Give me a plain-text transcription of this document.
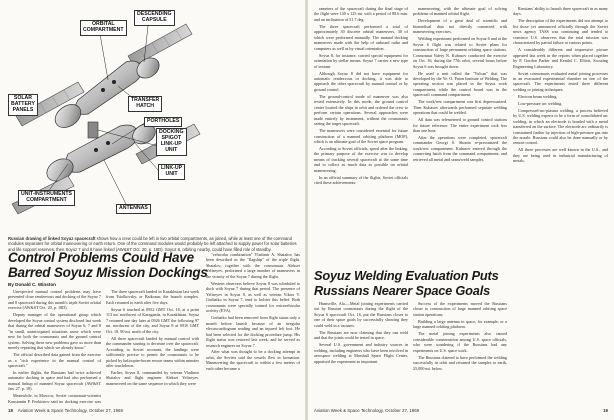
ORBITAL
COMPARTMENT
DESCENDING
CAPSULE
SOLAR
BATTERY
PANELS
TRANSFER
HATCH
PORTHOLES
DOCKING
SPIGOT
LINK-UP
UNIT
LINK-UP
UNIT
UNIT-INSTRUMENTS
COMPARTMENT
ANTENNAS
Russian drawing of linked Soyuz spacecraft shows how a crew could be left in two orbital compartments, as joined, while at least one of the command modules separates for orbital maneuvering or earth return. One of the command modules would probably be left attached to supply power for solar batteries and life support reserves, then Soyuz 7 and 8 have linked (AW&ST Oct. 20, p. 18D). Soyuz 8, orbiting nearby, could have filled role of standby.
Control Problems Could Have
Barred Soyuz Mission Dockings
By Donald C. Winston

Unexpected manual control problems may have prevented close rendezvous and docking of the Soyuz 7 and 8 spacecraft during this month's triple Soviet orbital exercise (AW&ST Oct. 20, p. 18D).

Deputy manager of the operational group which developed the Soyuz control system disclosed last week that during the orbital maneuvers of Soyuz 6, 7 and 8 "in small, unanticipated situations arose which were new for both the cosmonauts and the ground control system. Solving these new problems gave us more than merely repeating that which we already know."

The official described data gained from the exercise as a "rich experience in the manual control of spacecraft."

In earlier flights, the Russians had twice achieved automatic docking in space and had also performed a manual linkup of manned Soyuz spacecraft (AW&ST Jan. 27, p. 18).

Meanwhile, in Moscow, Soviet cosmonaut-scientist Konstantin P. Feoktistov said no docking exercise was

The three spacecraft landed in Kazakhstan last week from Tsiolkovsky, or Baikonur, the launch complex. Each returned to earth after five days.

Soyuz 6 touched at 0952 GMT Oct. 16, at a point 113 mi. northwest of Karaganda, in Kazakhstan. Soyuz 7 returned one day later at 0926 GMT the following 97 mi. northwest of the city, and Soyuz 8 at 0910 GMT Oct. 18, 90 mi. north of the city.

All three spacecraft landed by manual control with the commander starting to decrease over the spacecraft. According to Soviet accounts, the landings were sufficiently precise to permit the cosmonauts to be picked by helicopter-borne rescue teams within minutes after touchdown.

Earlier, Soyuz 8, commanded by veteran Vladimir Shatalov and flight engineer Aleksei Yeliseyev, maneuvered on the same sequence in which they were

"vehicular combination" Vladimir A. Shatalov, has been described as the "flagship" of the triple flight. Shatalov, together with the cosmonauts Aleksei Yeliseyev, performed a large number of maneuvers in the vicinity of the Soyuz 7 during the flight.

Western observers believe Soyuz 8 was scheduled to dock with Soyuz 7 during that period. The presence of Yeliseyev in Soyuz 8, as well as veteran Viktor V. Gorbatko in Soyuz 7, tend to bolster this belief. Both cosmonauts were specially trained for extravehicular activity (EVA).

Gorbatko had been removed from flight status only a month before launch because of an irregular electrocardiogram reading and an injured left foot. He had been selected for the docking procedure jump. His flight status was restored last week, and he served as research engineer on Soyuz 7.

After what was thought to be a docking attempt in orbit, the Soviets said the vessels flew in formation. Maneuvering the spacecraft to within a few meters of each other became a

18 Aviation Week & Space Technology, October 27, 1969

rameters of the spacecraft during the final stage of the flight were 140 x 125 mi. with a period of 88.6 min. and an inclination of 51.7 deg.

The three spacecraft performed a total of approximately 30 discrete orbital maneuvers, 30 of which were performed manually. The manual docking maneuvers made with the help of onboard radar and computers as well as by visual orientation.

Soyuz 8, for instance, carried special equipment for orientation by stellar means. Soyuz 7 carrier a new type of sextant.

Although Soyuz 8 did not have equipment for automatic rendezvous or docking, it was able to approach the other spacecraft by manual control or by ground control.

The ground-control mode of maneuver was also tested extensively. In this mode, the ground control center located the ships in orbit and ordered the crew to perform certain operations. Several approaches were made entirely by instrument, without the cosmonauts seeing the target spacecraft.

The maneuvers were considered essential for future construction of a manned orbiting platform (MOP), which is an ultimate goal of the Soviet space program.

According to Soviet officials, speed after the linking, the primary purpose of the exercise was to develop means of tracking several spacecraft at the same time and to collect as much data as possible on orbital maneuvering.

In an official summary of the flights, Soviet officials cited these achievements:

maneuvering, with the ultimate goal of solving problems of manned orbital flight.

Development of a great deal of scientific and biomedical data not directly connected with maneuvering exercises.

Welding experiment performed on Soyuz 6 and at the Soyuz 6 flight was related to Soviet plans for construction of large permanent orbiting space stations. Cosmonaut Valery N. Kubasov conducted the exercise on Oct. 16, during the 77th orbit, several hours before Soyuz 6 was brought down.

He used a unit called the "Vulcan" that was developed by the Ye. O. Paton Institute of Welding. The operating section was placed in the Soyuz work compartment, while the control board was in the spacecraft command compartment.

The work/rest compartment was first depressurized. Then Kubasov afterwards performed separate welding operations that could be welded.

All data was telemetered to ground control stations for future reference. The entire experiment took less than one hour.

After the operations were completed, spacecraft commander Georgi S. Shonin re-pressurized the work/rest compartment. Kubasov entered through the connecting hatch from the command compartment, and retrieved all metal and seam/weld samples.

Russians' ability to launch three spacecraft in as many days.

The description of the experiments did not attempt to list those yet announced officially through the Soviet news agency TASS was continuing and tended to convince U.S. observers that the total mission was characterized by partial failure at various points.

A considerably different and impressive picture appeared last week in the reports when placed together by P. Gordon Parker and Kendal C. Elliott, Scouting Engineering Laboratory.

Soviet cosmonauts evaluated metal joining processes in an evacuated experimental chamber on one of the spacecraft. The experiments tested three different welding or joining techniques:

Electron beam welding.

Low-pressure arc welding.

Compressed-arc-plasma welding, a process believed by U.S. welding experts to be a form of consolidated arc welding, in which an electrode is bonded with a metal transferred on the surface. The electrode arc ordinarily is constrained further by injection of high-pressure gas into the nozzle. Russians could also be done manually or by remote control.

All three processes are well known in the U.S., and they are being used in industrial manufacturing of metals.

Soyuz Welding Evaluation Puts
Russians Nearer Space Goals

Huntsville, Ala.—Metal joining experiments carried out by Russian cosmonauts during the flight of the Soyuz 6 spacecraft Oct. 16, put the Russians closer to one of their space goals by successfully showing they could weld in a vacuum.

The Russians are now claiming that they can weld and that the joints could be tested in space.

Several U.S. government and industry sources in welding, including engineers who have been involved in aerospace welding at Marshall Space Flight Center, appraised the experiment as important.

Success of the experiments moved the Russians closer to construction of large manned orbiting space station operations.

Building a large antenna in space, for example, or a large manned orbiting platform.

The metal joining experiments also caused considerable consternation among U.S. space officials, who were wondering if the Russians had any experiments on U.S. space work.

The Russians claimed to have performed the welding successfully in orbit and returned the samples to earth, 25,000 mi. below.

Aviation Week & Space Technology, October 27, 1969	19
